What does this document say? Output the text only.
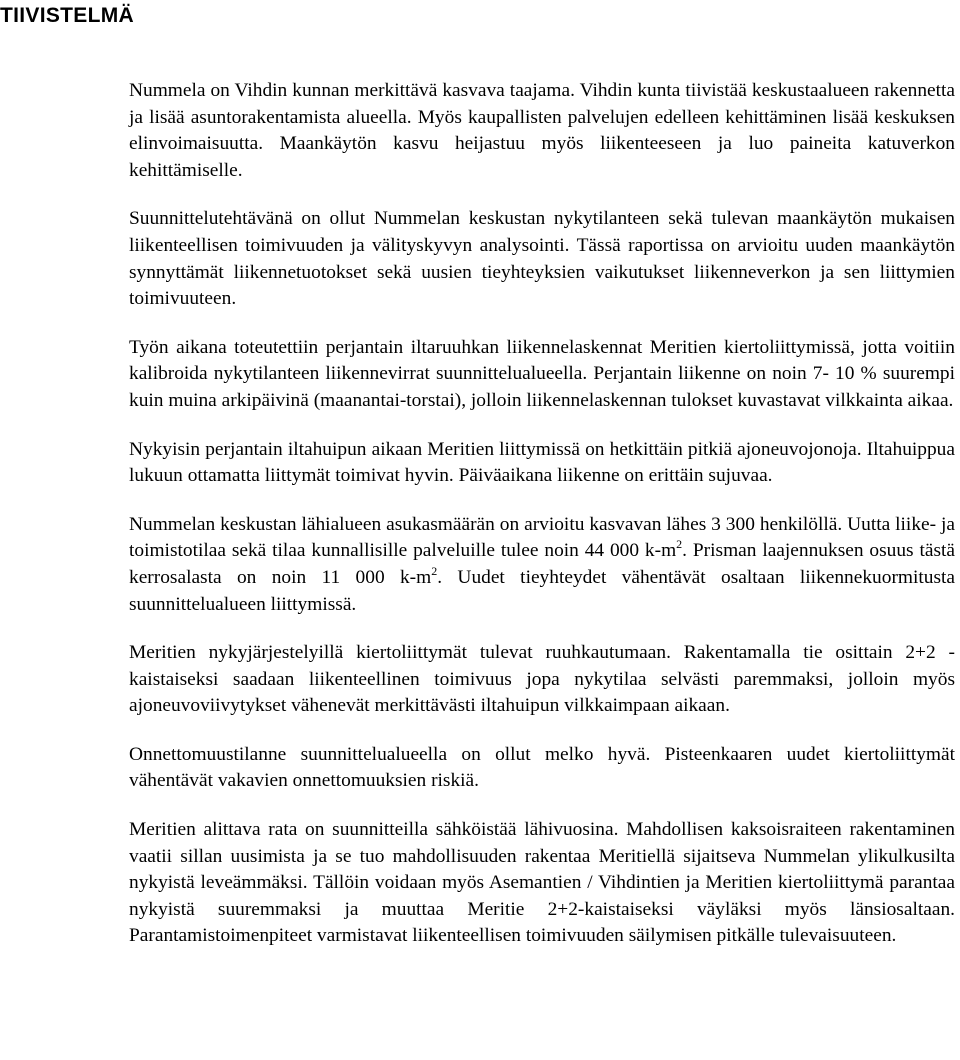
TIIVISTELMÄ

Nummela on Vihdin kunnan merkittävä kasvava taajama. Vihdin kunta tiivistää keskustaalueen rakennetta ja lisää asuntorakentamista alueella. Myös kaupallisten palvelujen edelleen kehittäminen lisää keskuksen elinvoimaisuutta. Maankäytön kasvu heijastuu myös liikenteeseen ja luo paineita katuverkon kehittämiselle.

Suunnittelutehtävänä on ollut Nummelan keskustan nykytilanteen sekä tulevan maankäytön mukaisen liikenteellisen toimivuuden ja välityskyvyn analysointi. Tässä raportissa on arvioitu uuden maankäytön synnyttämät liikennetuotokset sekä uusien tieyhteyksien vaikutukset liikenneverkon ja sen liittymien toimivuuteen.

Työn aikana toteutettiin perjantain iltaruuhkan liikennelaskennat Meritien kiertoliittymissä, jotta voitiin kalibroida nykytilanteen liikennevirrat suunnittelualueella. Perjantain liikenne on noin 7- 10 % suurempi kuin muina arkipäivinä (maanantai-torstai), jolloin liikennelaskennan tulokset kuvastavat vilkkainta aikaa.

Nykyisin perjantain iltahuipun aikaan Meritien liittymissä on hetkittäin pitkiä ajoneuvojonoja. Iltahuippua lukuun ottamatta liittymät toimivat hyvin. Päiväaikana liikenne on erittäin sujuvaa.

Nummelan keskustan lähialueen asukasmäärän on arvioitu kasvavan lähes 3 300 henkilöllä. Uutta liike- ja toimistotilaa sekä tilaa kunnallisille palveluille tulee noin 44 000 $k-m^2$. Prisman laajennuksen osuus tästä kerrosalasta on noin 11 000 $k-m^2$. Uudet tieyhteydet vähentävät osaltaan liikennekuormitusta suunnittelualueen liittymissä.

Meritien nykyjärjestelyillä kiertoliittymät tulevat ruuhkautumaan. Rakentamalla tie osittain 2+2 -kaistaiseksi saadaan liikenteellinen toimivuus jopa nykytilaa selvästi paremmaksi, jolloin myös ajoneuvoviivytykset vähenevät merkittävästi iltahuipun vilkkaimpaan aikaan.

Onnettomuustilanne suunnittelualueella on ollut melko hyvä. Pisteenkaaren uudet kiertoliittymät vähentävät vakavien onnettomuuksien riskiä.

Meritien alittava rata on suunnitteilla sähköistää lähivuosina. Mahdollisen kaksoisraiteen rakentaminen vaatii sillan uusimista ja se tuo mahdollisuuden rakentaa Meritiellä sijaitseva Nummelan ylikulkusilta nykyistä leveämmäksi. Tällöin voidaan myös Asemantien / Vihdintien ja Meritien kiertoliittymä parantaa nykyistä suuremmaksi ja muuttaa Meritie 2+2-kaistaiseksi väyläksi myös länsiosaltaan. Parantamistoimenpiteet varmistavat liikenteellisen toimivuuden säilymisen pitkälle tulevaisuuteen.
